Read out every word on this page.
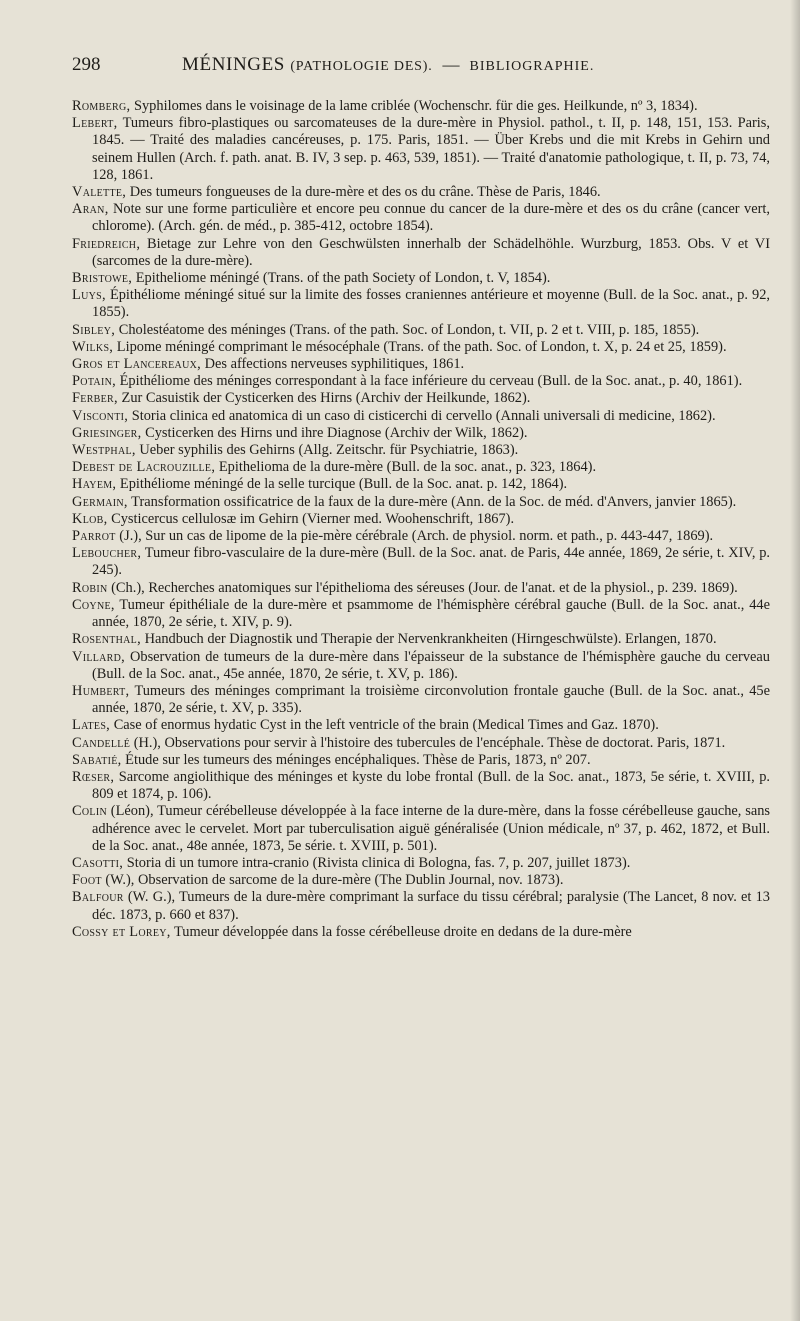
298	MÉNINGES (PATHOLOGIE DES). — BIBLIOGRAPHIE.

Romberg, Syphilomes dans le voisinage de la lame criblée (Wochenschr. für die ges. Heilkunde, nº 3, 1834).

Lebert, Tumeurs fibro-plastiques ou sarcomateuses de la dure-mère in Physiol. pathol., t. II, p. 148, 151, 153. Paris, 1845. — Traité des maladies cancéreuses, p. 175. Paris, 1851. — Über Krebs und die mit Krebs in Gehirn und seinem Hullen (Arch. f. path. anat. B. IV, 3 sep. p. 463, 539, 1851). — Traité d'anatomie pathologique, t. II, p. 73, 74, 128, 1861.

Valette, Des tumeurs fongueuses de la dure-mère et des os du crâne. Thèse de Paris, 1846.

Aran, Note sur une forme particulière et encore peu connue du cancer de la dure-mère et des os du crâne (cancer vert, chlorome). (Arch. gén. de méd., p. 385-412, octobre 1854).

Friedreich, Bietage zur Lehre von den Geschwülsten innerhalb der Schädelhöhle. Wurzburg, 1853. Obs. V et VI (sarcomes de la dure-mère).

Bristowe, Epitheliome méningé (Trans. of the path Society of London, t. V, 1854).

Luys, Épithéliome méningé situé sur la limite des fosses craniennes antérieure et moyenne (Bull. de la Soc. anat., p. 92, 1855).

Sibley, Cholestéatome des méninges (Trans. of the path. Soc. of London, t. VII, p. 2 et t. VIII, p. 185, 1855).

Wilks, Lipome méningé comprimant le mésocéphale (Trans. of the path. Soc. of London, t. X, p. 24 et 25, 1859).

Gros et Lancereaux, Des affections nerveuses syphilitiques, 1861.

Potain, Épithéliome des méninges correspondant à la face inférieure du cerveau (Bull. de la Soc. anat., p. 40, 1861).

Ferber, Zur Casuistik der Cysticerken des Hirns (Archiv der Heilkunde, 1862).

Visconti, Storia clinica ed anatomica di un caso di cisticerchi di cervello (Annali universali di medicine, 1862).

Griesinger, Cysticerken des Hirns und ihre Diagnose (Archiv der Wilk, 1862).

Westphal, Ueber syphilis des Gehirns (Allg. Zeitschr. für Psychiatrie, 1863).

Debest de Lacrouzille, Epithelioma de la dure-mère (Bull. de la soc. anat., p. 323, 1864).

Hayem, Epithéliome méningé de la selle turcique (Bull. de la Soc. anat. p. 142, 1864).

Germain, Transformation ossificatrice de la faux de la dure-mère (Ann. de la Soc. de méd. d'Anvers, janvier 1865).

Klob, Cysticercus cellulosæ im Gehirn (Vierner med. Woohenschrift, 1867).

Parrot (J.), Sur un cas de lipome de la pie-mère cérébrale (Arch. de physiol. norm. et path., p. 443-447, 1869).

Leboucher, Tumeur fibro-vasculaire de la dure-mère (Bull. de la Soc. anat. de Paris, 44e année, 1869, 2e série, t. XIV, p. 245).

Robin (Ch.), Recherches anatomiques sur l'épithelioma des séreuses (Jour. de l'anat. et de la physiol., p. 239. 1869).

Coyne, Tumeur épithéliale de la dure-mère et psammome de l'hémisphère cérébral gauche (Bull. de la Soc. anat., 44e année, 1870, 2e série, t. XIV, p. 9).

Rosenthal, Handbuch der Diagnostik und Therapie der Nervenkrankheiten (Hirngeschwülste). Erlangen, 1870.

Villard, Observation de tumeurs de la dure-mère dans l'épaisseur de la substance de l'hémisphère gauche du cerveau (Bull. de la Soc. anat., 45e année, 1870, 2e série, t. XV, p. 186).

Humbert, Tumeurs des méninges comprimant la troisième circonvolution frontale gauche (Bull. de la Soc. anat., 45e année, 1870, 2e série, t. XV, p. 335).

Lates, Case of enormus hydatic Cyst in the left ventricle of the brain (Medical Times and Gaz. 1870).

Candellé (H.), Observations pour servir à l'histoire des tubercules de l'encéphale. Thèse de doctorat. Paris, 1871.

Sabatié, Étude sur les tumeurs des méninges encéphaliques. Thèse de Paris, 1873, nº 207.

Rœser, Sarcome angiolithique des méninges et kyste du lobe frontal (Bull. de la Soc. anat., 1873, 5e série, t. XVIII, p. 809 et 1874, p. 106).

Colin (Léon), Tumeur cérébelleuse développée à la face interne de la dure-mère, dans la fosse cérébelleuse gauche, sans adhérence avec le cervelet. Mort par tuberculisation aiguë généralisée (Union médicale, nº 37, p. 462, 1872, et Bull. de la Soc. anat., 48e année, 1873, 5e série. t. XVIII, p. 501).

Casotti, Storia di un tumore intra-cranio (Rivista clinica di Bologna, fas. 7, p. 207, juillet 1873).

Foot (W.), Observation de sarcome de la dure-mère (The Dublin Journal, nov. 1873).

Balfour (W. G.), Tumeurs de la dure-mère comprimant la surface du tissu cérébral; paralysie (The Lancet, 8 nov. et 13 déc. 1873, p. 660 et 837).

Cossy et Lorey, Tumeur développée dans la fosse cérébelleuse droite en dedans de la dure-mère
